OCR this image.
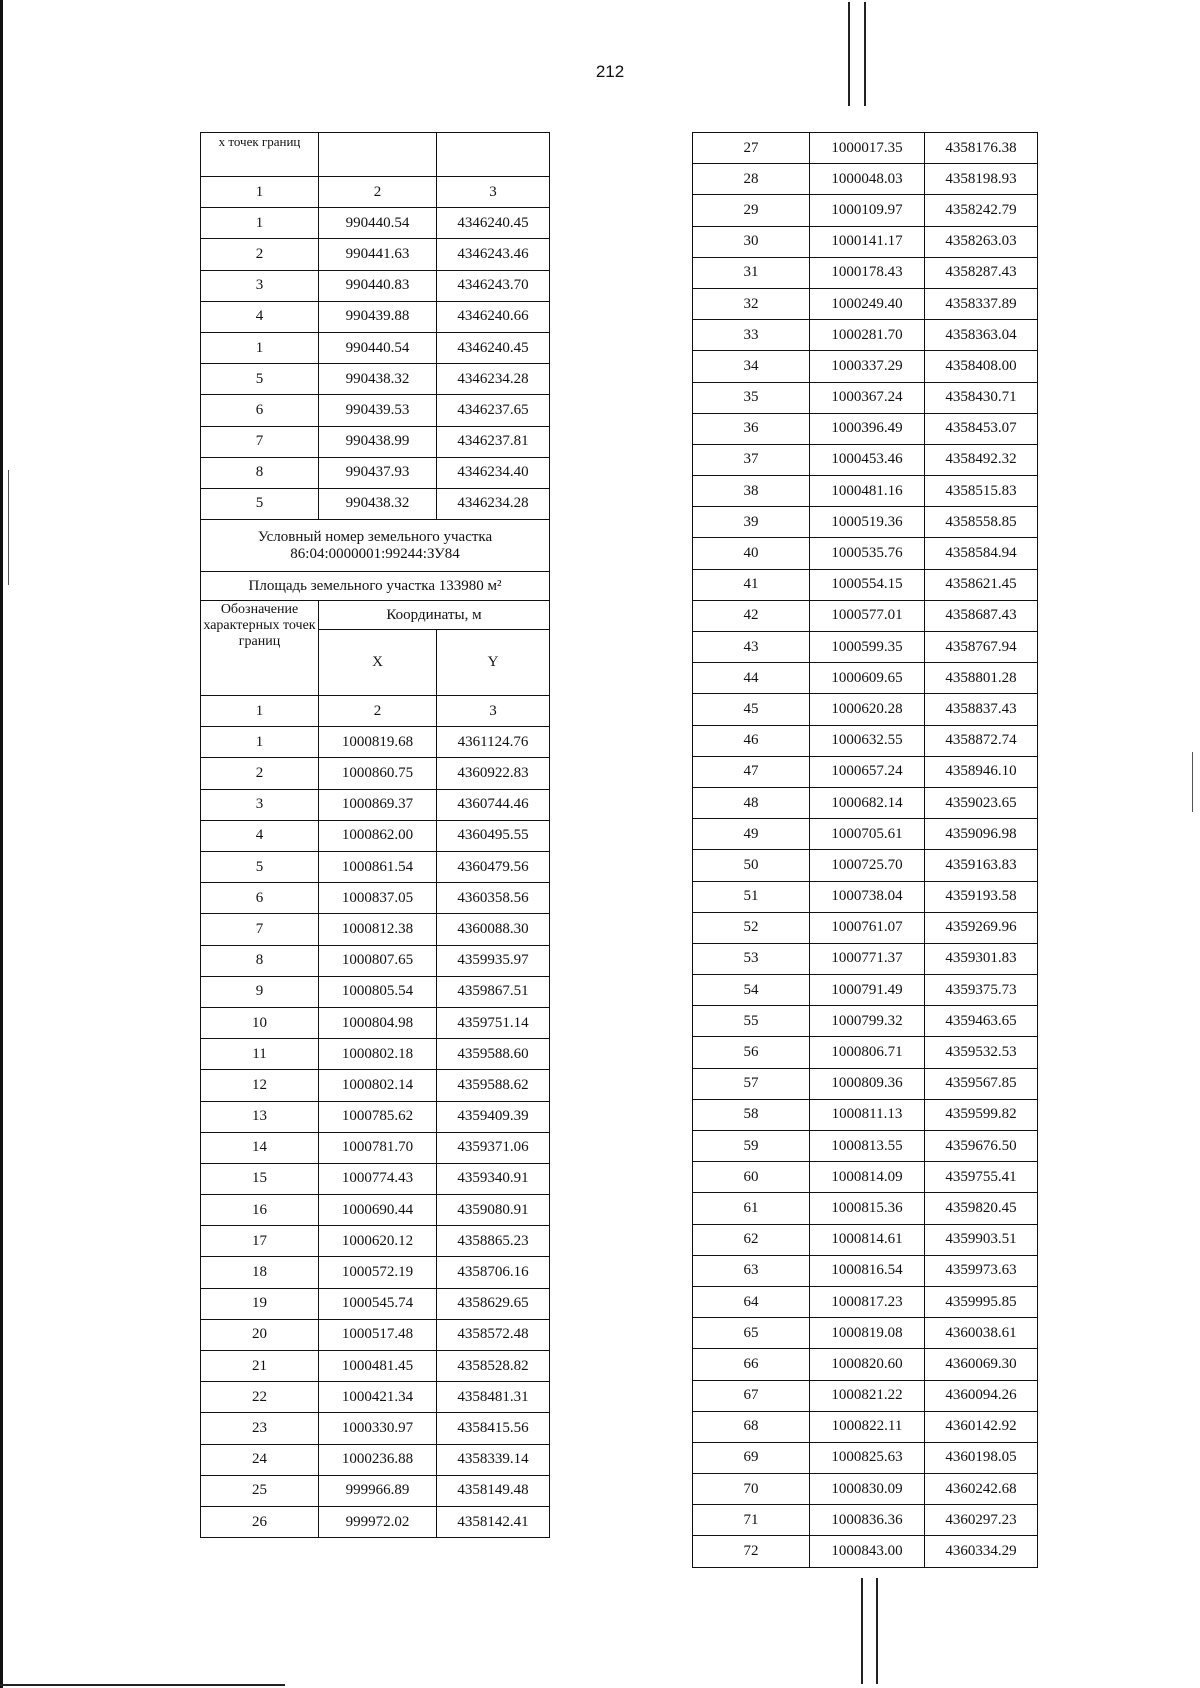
212
х точек границ		
1	2	3
1	990440.54	4346240.45
2	990441.63	4346243.46
3	990440.83	4346243.70
4	990439.88	4346240.66
1	990440.54	4346240.45
5	990438.32	4346234.28
6	990439.53	4346237.65
7	990438.99	4346237.81
8	990437.93	4346234.40
5	990438.32	4346234.28

Условный номер земельного участка
86:04:0000001:99244:ЗУ84		

Площадь земельного участка 133980 м²		
Обозначение характерных точек границ	Координаты, м	
	X	Y
1	2	3
1	1000819.68	4361124.76
2	1000860.75	4360922.83
3	1000869.37	4360744.46
4	1000862.00	4360495.55
5	1000861.54	4360479.56
6	1000837.05	4360358.56
7	1000812.38	4360088.30
8	1000807.65	4359935.97
9	1000805.54	4359867.51
10	1000804.98	4359751.14
11	1000802.18	4359588.60
12	1000802.14	4359588.62
13	1000785.62	4359409.39
14	1000781.70	4359371.06
15	1000774.43	4359340.91
16	1000690.44	4359080.91
17	1000620.12	4358865.23
18	1000572.19	4358706.16
19	1000545.74	4358629.65
20	1000517.48	4358572.48
21	1000481.45	4358528.82
22	1000421.34	4358481.31
23	1000330.97	4358415.56
24	1000236.88	4358339.14
25	999966.89	4358149.48
26	999972.02	4358142.41
27	1000017.35	4358176.38
28	1000048.03	4358198.93
29	1000109.97	4358242.79
30	1000141.17	4358263.03
31	1000178.43	4358287.43
32	1000249.40	4358337.89
33	1000281.70	4358363.04
34	1000337.29	4358408.00
35	1000367.24	4358430.71
36	1000396.49	4358453.07
37	1000453.46	4358492.32
38	1000481.16	4358515.83
39	1000519.36	4358558.85
40	1000535.76	4358584.94
41	1000554.15	4358621.45
42	1000577.01	4358687.43
43	1000599.35	4358767.94
44	1000609.65	4358801.28
45	1000620.28	4358837.43
46	1000632.55	4358872.74
47	1000657.24	4358946.10
48	1000682.14	4359023.65
49	1000705.61	4359096.98
50	1000725.70	4359163.83
51	1000738.04	4359193.58
52	1000761.07	4359269.96
53	1000771.37	4359301.83
54	1000791.49	4359375.73
55	1000799.32	4359463.65
56	1000806.71	4359532.53
57	1000809.36	4359567.85
58	1000811.13	4359599.82
59	1000813.55	4359676.50
60	1000814.09	4359755.41
61	1000815.36	4359820.45
62	1000814.61	4359903.51
63	1000816.54	4359973.63
64	1000817.23	4359995.85
65	1000819.08	4360038.61
66	1000820.60	4360069.30
67	1000821.22	4360094.26
68	1000822.11	4360142.92
69	1000825.63	4360198.05
70	1000830.09	4360242.68
71	1000836.36	4360297.23
72	1000843.00	4360334.29
